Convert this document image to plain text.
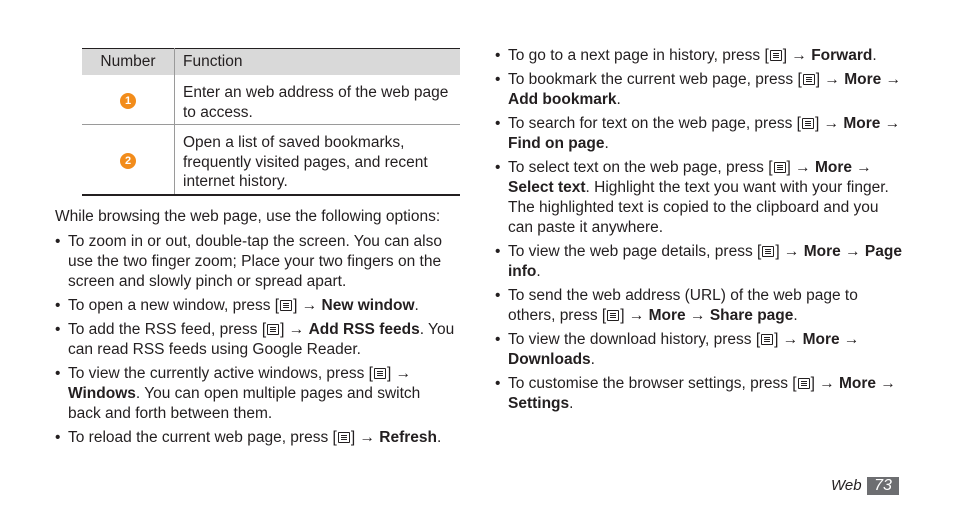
Number	Function
1	Enter an web address of the web page to access.
2	Open a list of saved bookmarks, frequently visited pages, and recent internet history.

While browsing the web page, use the following options:

• To zoom in or out, double-tap the screen. You can also use the two finger zoom; Place your two fingers on the screen and slowly pinch or spread apart.
• To open a new window, press [ ] → New window.
• To add the RSS feed, press [ ] → Add RSS feeds. You can read RSS feeds using Google Reader.
• To view the currently active windows, press [ ] → Windows. You can open multiple pages and switch back and forth between them.
• To reload the current web page, press [ ] → Refresh.
• To go to a next page in history, press [ ] → Forward.
• To bookmark the current web page, press [ ] → More → Add bookmark.
• To search for text on the web page, press [ ] → More → Find on page.
• To select text on the web page, press [ ] → More → Select text. Highlight the text you want with your finger. The highlighted text is copied to the clipboard and you can paste it anywhere.
• To view the web page details, press [ ] → More → Page info.
• To send the web address (URL) of the web page to others, press [ ] → More → Share page.
• To view the download history, press [ ] → More → Downloads.
• To customise the browser settings, press [ ] → More → Settings.
Web 73
